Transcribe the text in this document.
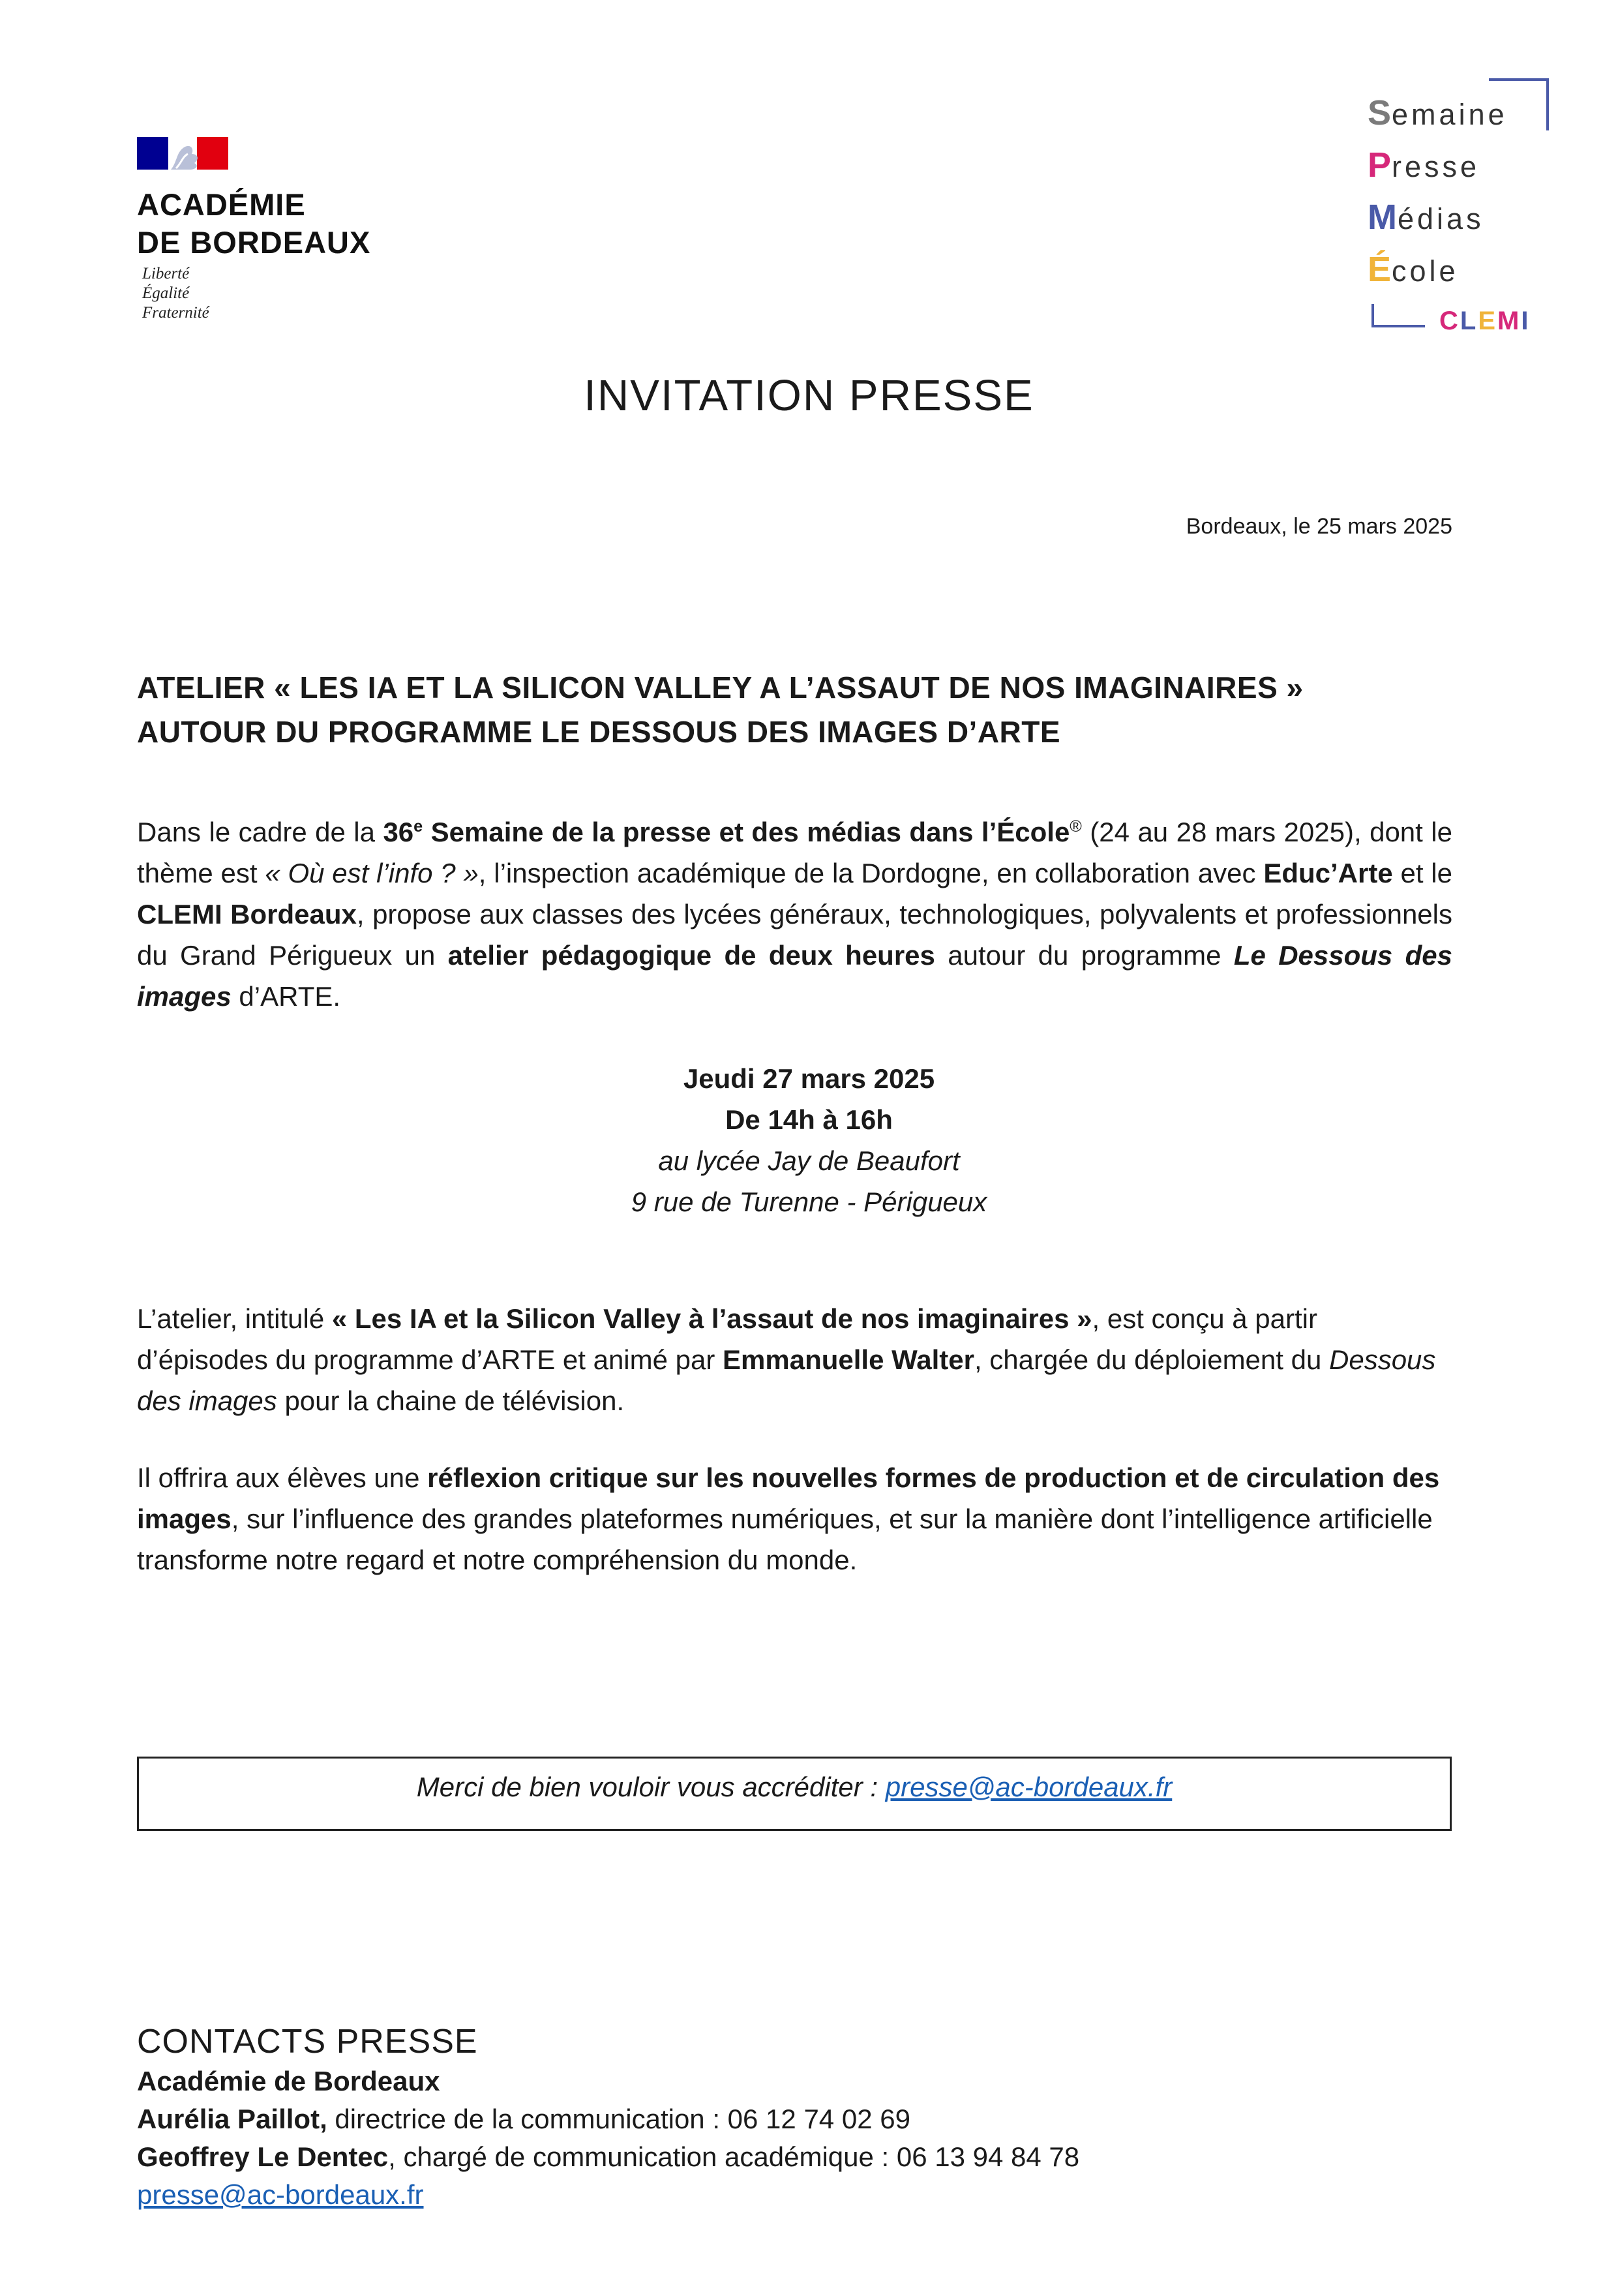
ACADÉMIE
DE BORDEAUX
Liberté
Égalité
Fraternité
Semaine
Presse
Médias
École
CLEMI
INVITATION PRESSE
Bordeaux, le 25 mars 2025
ATELIER « LES IA ET LA SILICON VALLEY A L’ASSAUT DE NOS IMAGINAIRES »
AUTOUR DU PROGRAMME LE DESSOUS DES IMAGES D’ARTE
Dans le cadre de la 36e Semaine de la presse et des médias dans l’École® (24 au 28 mars 2025), dont le thème est « Où est l’info ? », l’inspection académique de la Dordogne, en collaboration avec Educ’Arte et le CLEMI Bordeaux, propose aux classes des lycées généraux, technologiques, polyvalents et professionnels du Grand Périgueux un atelier pédagogique de deux heures autour du programme Le Dessous des images d’ARTE.
Jeudi 27 mars 2025
De 14h à 16h
au lycée Jay de Beaufort
9 rue de Turenne - Périgueux
L’atelier, intitulé « Les IA et la Silicon Valley à l’assaut de nos imaginaires », est conçu à partir d’épisodes du programme d’ARTE et animé par Emmanuelle Walter, chargée du déploiement du Dessous des images pour la chaine de télévision.
Il offrira aux élèves une réflexion critique sur les nouvelles formes de production et de circulation des images, sur l’influence des grandes plateformes numériques, et sur la manière dont l’intelligence artificielle transforme notre regard et notre compréhension du monde.
Merci de bien vouloir vous accréditer : presse@ac-bordeaux.fr
CONTACTS PRESSE
Académie de Bordeaux
Aurélia Paillot, directrice de la communication : 06 12 74 02 69
Geoffrey Le Dentec, chargé de communication académique : 06 13 94 84 78
presse@ac-bordeaux.fr
